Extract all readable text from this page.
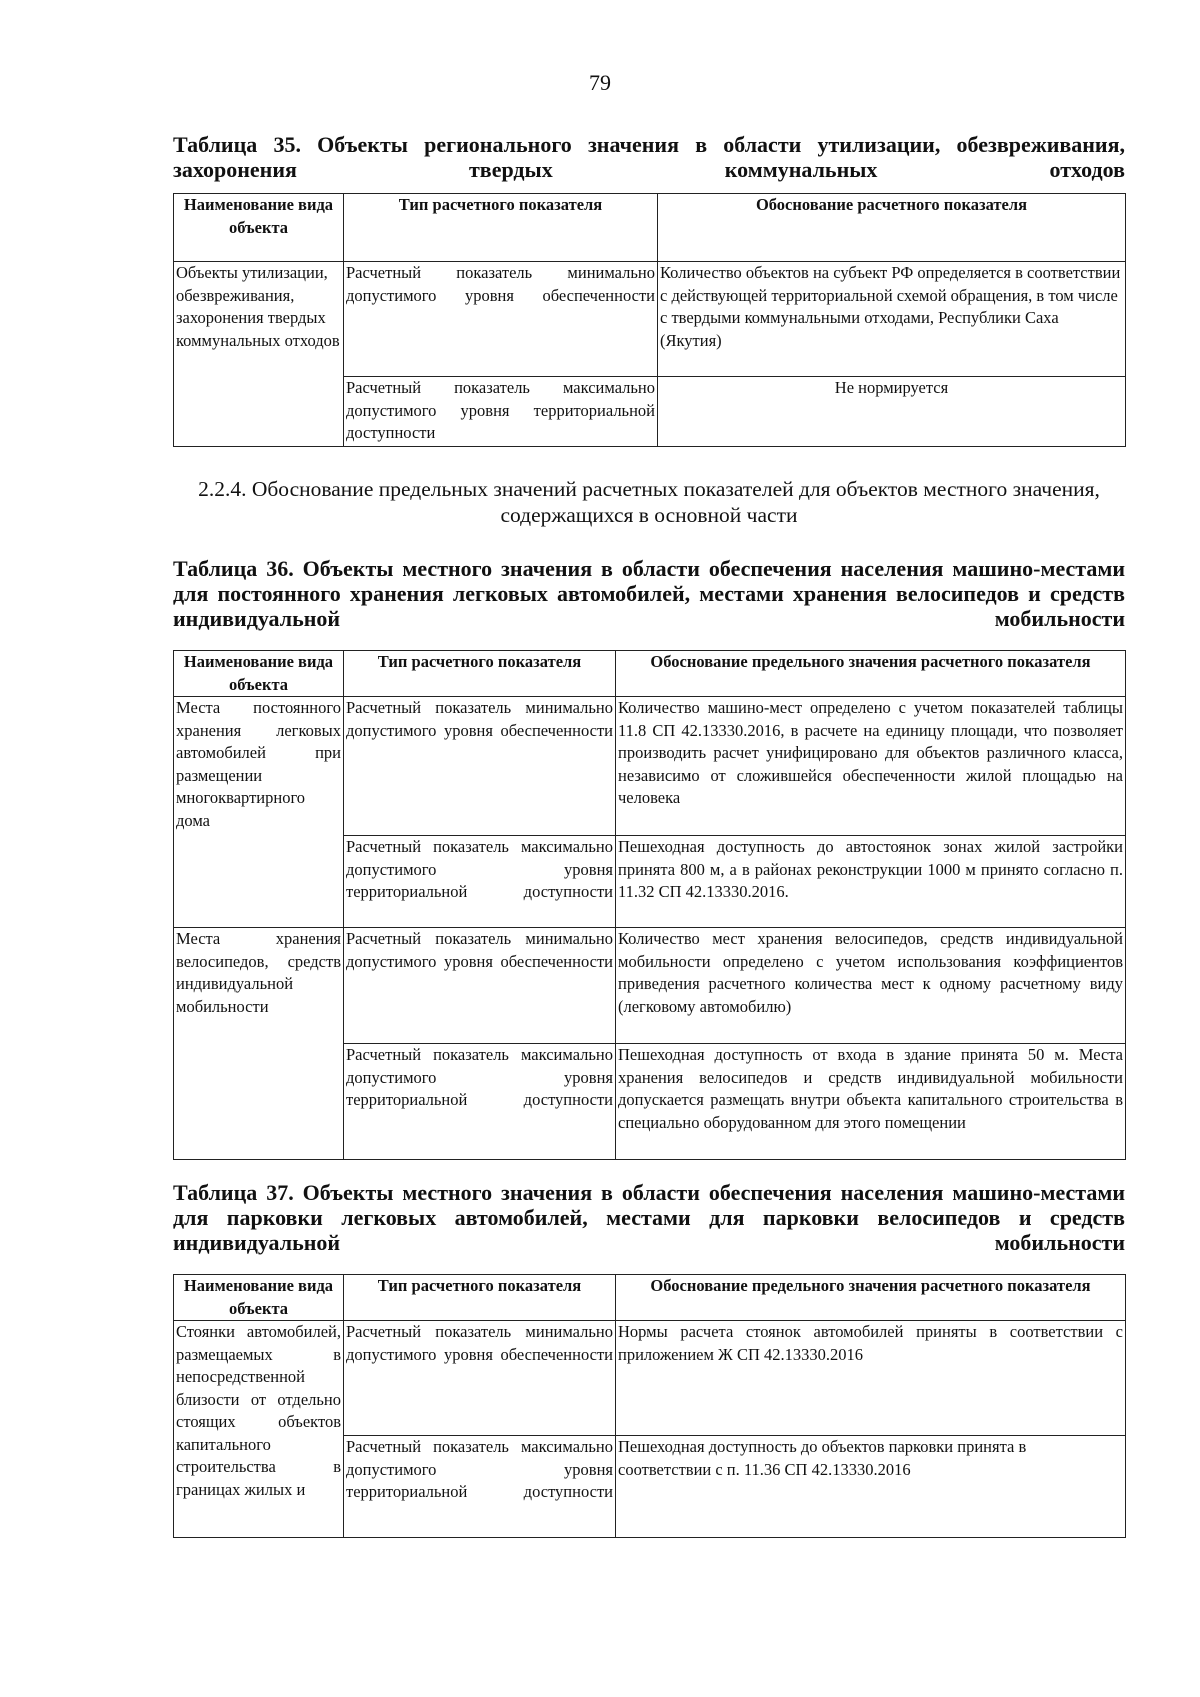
79
Таблица 35. Объекты регионального значения в области утилизации, обезвреживания, захоронения твердых коммунальных отходов
Наименование вида объекта	Тип расчетного показателя	Обоснование расчетного показателя
Объекты утилизации, обезвреживания, захоронения твердых коммунальных отходов	Расчетный показатель минимально допустимого уровня обеспеченности	Количество объектов на субъект РФ определяется в соответствии с действующей территориальной схемой обращения, в том числе с твердыми коммунальными отходами, Республики Саха (Якутия)
	Расчетный показатель максимально допустимого уровня территориальной доступности	Не нормируется
2.2.4. Обоснование предельных значений расчетных показателей для объектов местного значения, содержащихся в основной части
Таблица 36. Объекты местного значения в области обеспечения населения машино-местами для постоянного хранения легковых автомобилей, местами хранения велосипедов и средств индивидуальной мобильности
Наименование вида объекта	Тип расчетного показателя	Обоснование предельного значения расчетного показателя
Места постоянного хранения легковых автомобилей при размещении многоквартирного дома	Расчетный показатель минимально допустимого уровня обеспеченности	Количество машино-мест определено с учетом показателей таблицы 11.8 СП 42.13330.2016, в расчете на единицу площади, что позволяет производить расчет унифицировано для объектов различного класса, независимо от сложившейся обеспеченности жилой площадью на человека
	Расчетный показатель максимально допустимого уровня территориальной доступности	Пешеходная доступность до автостоянок зонах жилой застройки принята 800 м, а в районах реконструкции 1000 м принято согласно п. 11.32 СП 42.13330.2016.
Места хранения велосипедов, средств индивидуальной мобильности	Расчетный показатель минимально допустимого уровня обеспеченности	Количество мест хранения велосипедов, средств индивидуальной мобильности определено с учетом использования коэффициентов приведения расчетного количества мест к одному расчетному виду (легковому автомобилю)
	Расчетный показатель максимально допустимого уровня территориальной доступности	Пешеходная доступность от входа в здание принята 50 м. Места хранения велосипедов и средств индивидуальной мобильности допускается размещать внутри объекта капитального строительства в специально оборудованном для этого помещении
Таблица 37. Объекты местного значения в области обеспечения населения машино-местами для парковки легковых автомобилей, местами для парковки велосипедов и средств индивидуальной мобильности
Наименование вида объекта	Тип расчетного показателя	Обоснование предельного значения расчетного показателя
Стоянки автомобилей, размещаемых в непосредственной близости от отдельно стоящих объектов капитального строительства в границах жилых и	Расчетный показатель минимально допустимого уровня обеспеченности	Нормы расчета стоянок автомобилей приняты в соответствии с приложением Ж СП 42.13330.2016
	Расчетный показатель максимально допустимого уровня территориальной доступности	Пешеходная доступность до объектов парковки принята в соответствии с п. 11.36 СП 42.13330.2016
